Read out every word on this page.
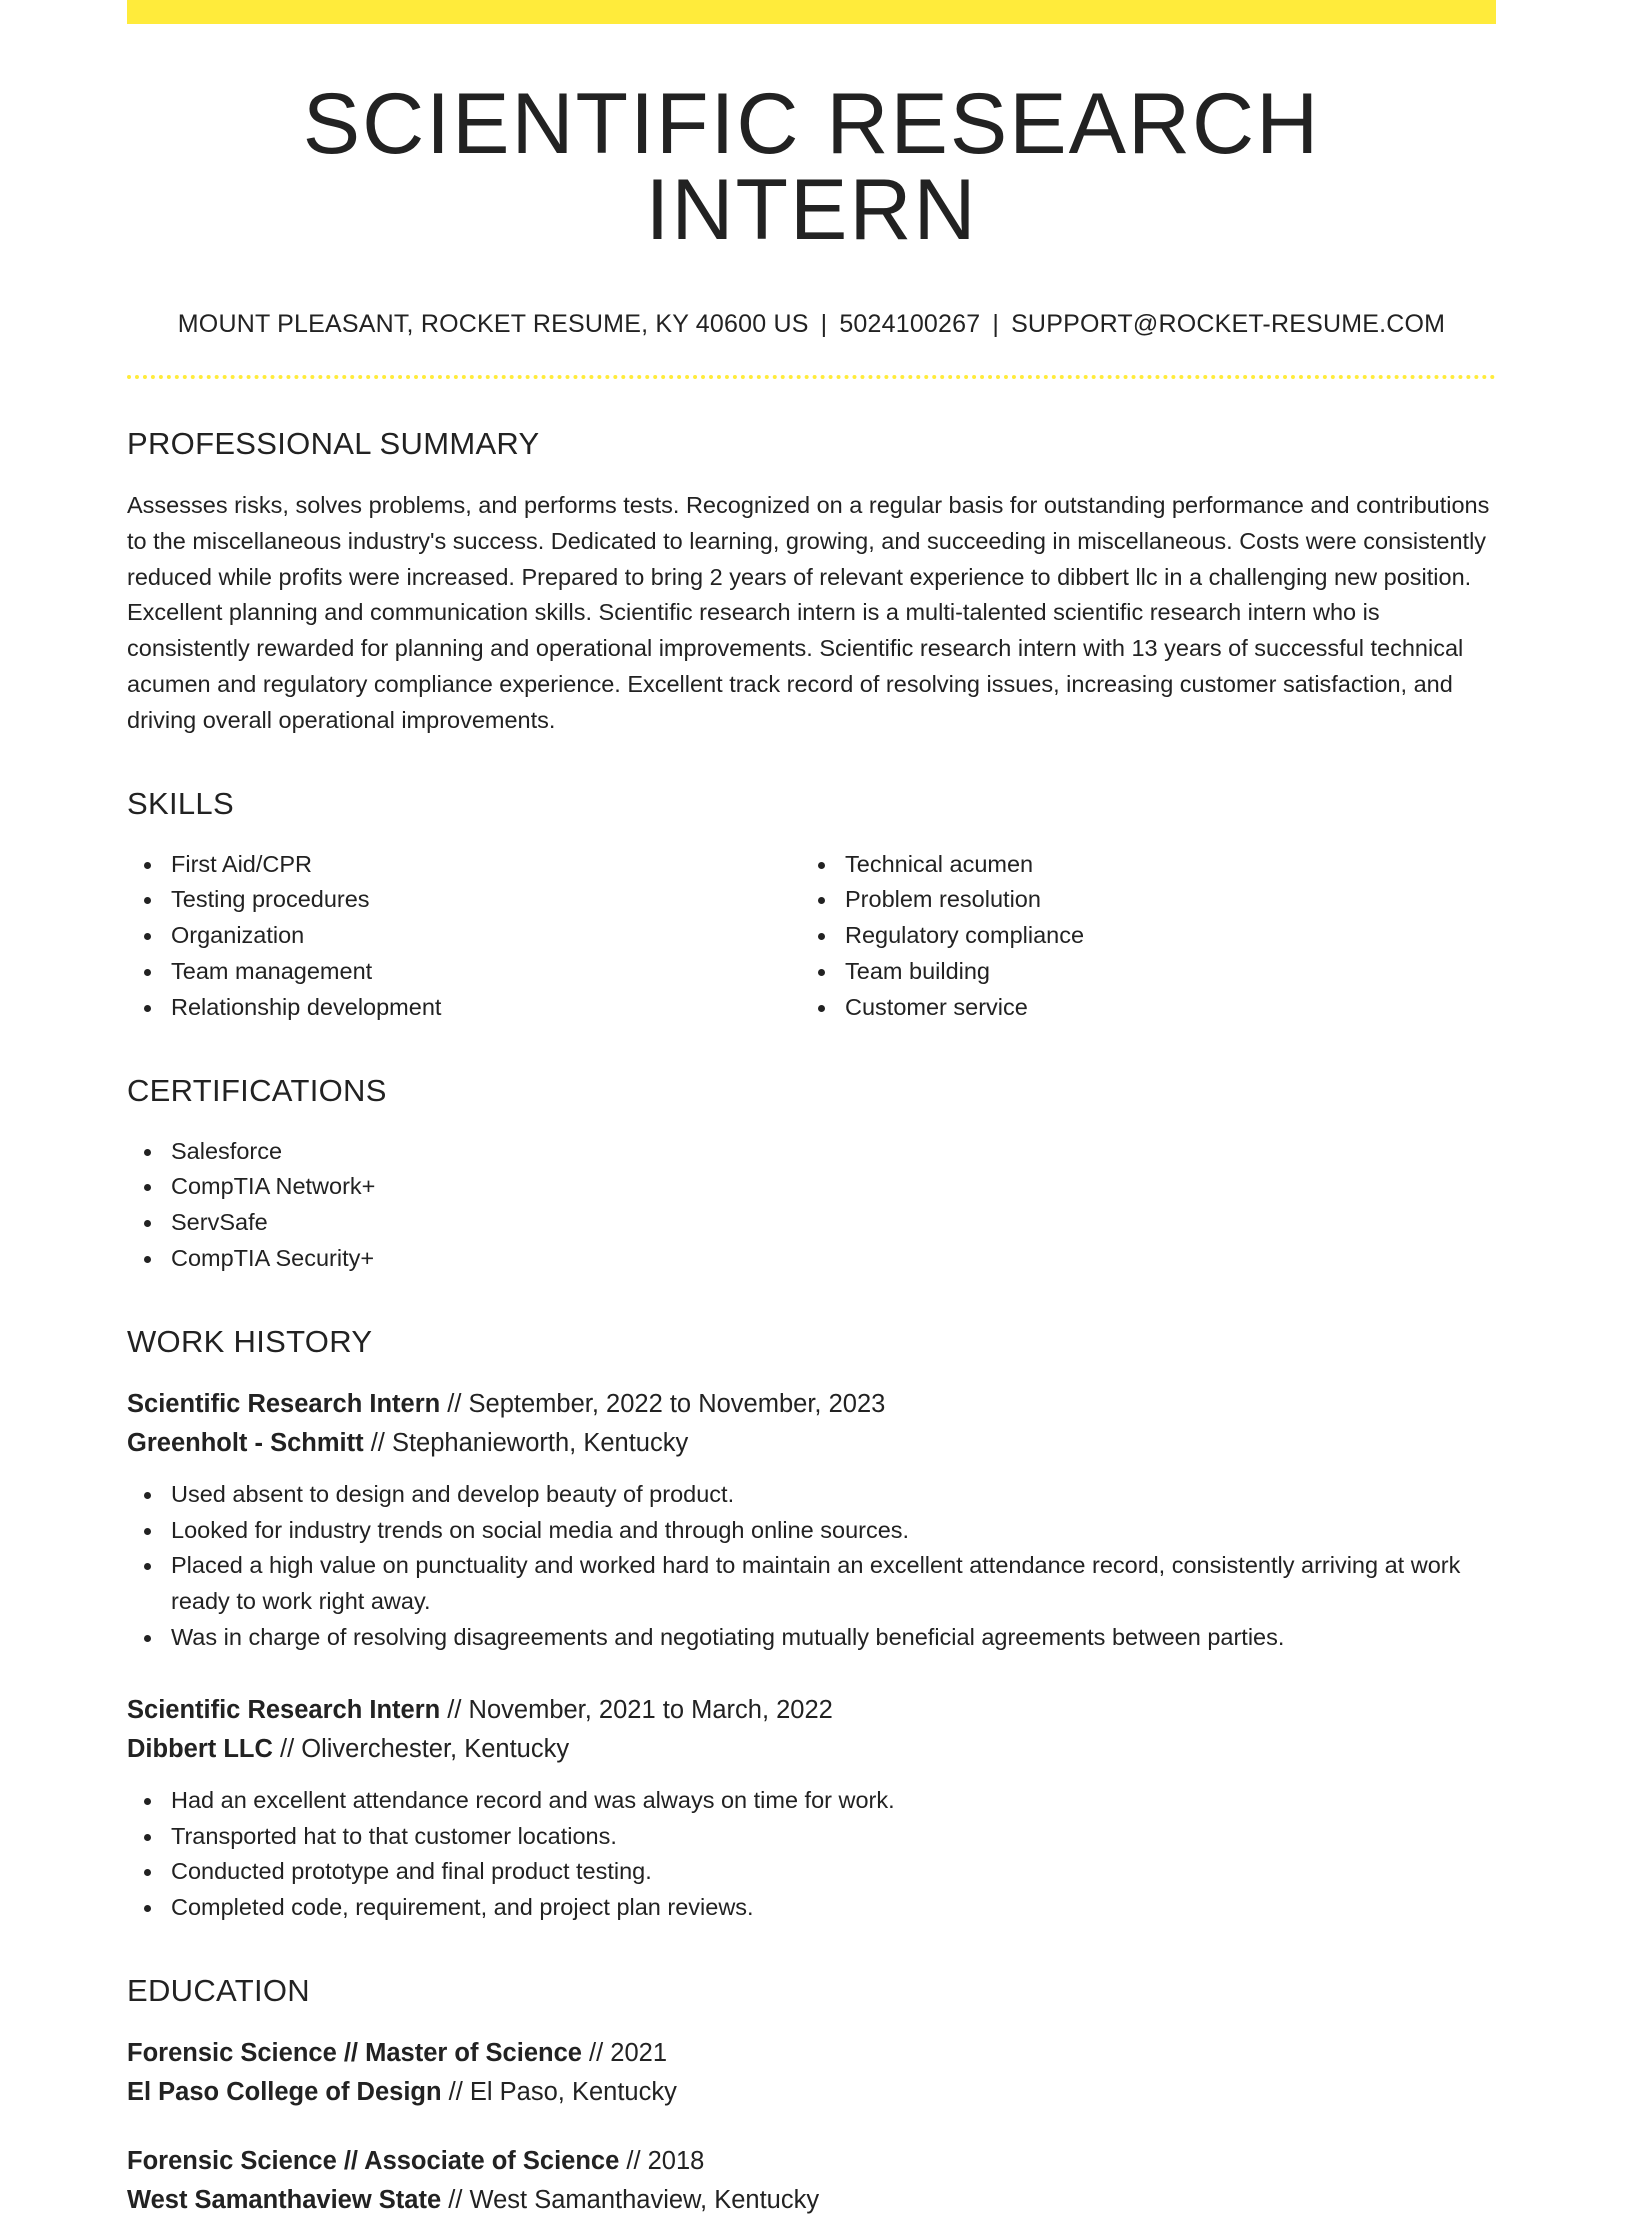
SCIENTIFIC RESEARCH INTERN
MOUNT PLEASANT, ROCKET RESUME, KY 40600 US | 5024100267 | SUPPORT@ROCKET-RESUME.COM
PROFESSIONAL SUMMARY

Assesses risks, solves problems, and performs tests. Recognized on a regular basis for outstanding performance and contributions to the miscellaneous industry's success. Dedicated to learning, growing, and succeeding in miscellaneous. Costs were consistently reduced while profits were increased. Prepared to bring 2 years of relevant experience to dibbert llc in a challenging new position. Excellent planning and communication skills. Scientific research intern is a multi-talented scientific research intern who is consistently rewarded for planning and operational improvements. Scientific research intern with 13 years of successful technical acumen and regulatory compliance experience. Excellent track record of resolving issues, increasing customer satisfaction, and driving overall operational improvements.

SKILLS
First Aid/CPR
Testing procedures
Organization
Team management
Relationship development
Technical acumen
Problem resolution
Regulatory compliance
Team building
Customer service
CERTIFICATIONS
Salesforce
CompTIA Network+
ServSafe
CompTIA Security+
WORK HISTORY
Scientific Research Intern // September, 2022 to November, 2023
Greenholt - Schmitt // Stephanieworth, Kentucky
Used absent to design and develop beauty of product.
Looked for industry trends on social media and through online sources.
Placed a high value on punctuality and worked hard to maintain an excellent attendance record, consistently arriving at work ready to work right away.
Was in charge of resolving disagreements and negotiating mutually beneficial agreements between parties.
Scientific Research Intern // November, 2021 to March, 2022
Dibbert LLC // Oliverchester, Kentucky
Had an excellent attendance record and was always on time for work.
Transported hat to that customer locations.
Conducted prototype and final product testing.
Completed code, requirement, and project plan reviews.
EDUCATION
Forensic Science // Master of Science // 2021
El Paso College of Design // El Paso, Kentucky
Forensic Science // Associate of Science // 2018
West Samanthaview State // West Samanthaview, Kentucky
